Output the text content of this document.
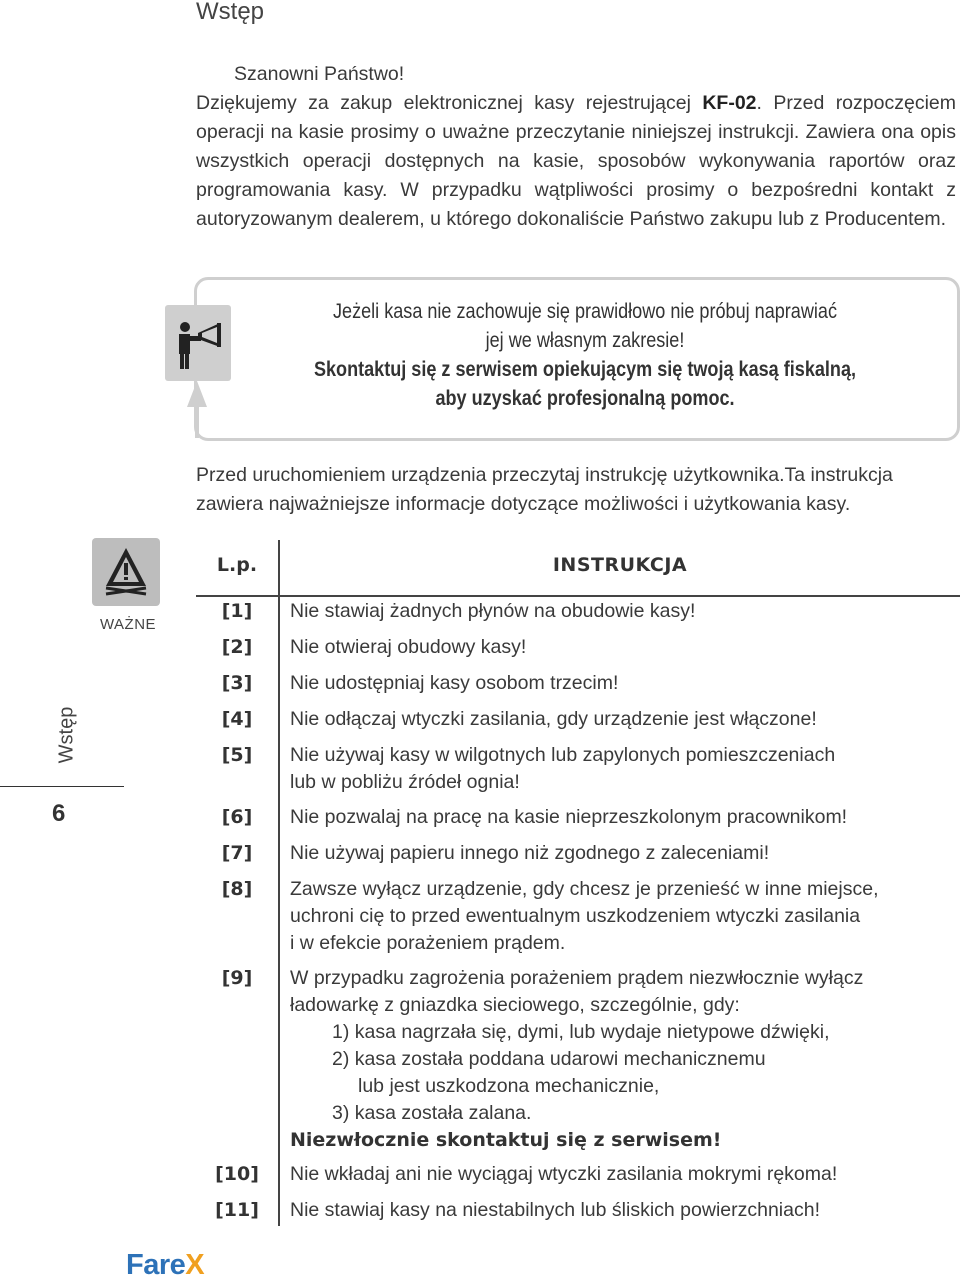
Wstęp

Szanowni Państwo!

Dziękujemy za zakup elektronicznej kasy rejestrującej KF-02. Przed rozpoczęciem operacji na kasie prosimy o uważne przeczytanie niniejszej instrukcji. Zawiera ona opis wszystkich operacji dostępnych na kasie, sposobów wykonywania raportów oraz programowania kasy. W przypadku wątpliwości prosimy o bezpośredni kontakt z autoryzowanym dealerem, u którego dokonaliście Państwo zakupu lub z Producentem.

Jeżeli kasa nie zachowuje się prawidłowo nie próbuj naprawiać
jej we własnym zakresie!
Skontaktuj się z serwisem opiekującym się twoją kasą fiskalną,
aby uzyskać profesjonalną pomoc.
Przed uruchomieniem urządzenia przeczytaj instrukcję użytkownika.Ta instrukcja zawiera najważniejsze informacje dotyczące możliwości i użytkowania kasy.
WAŻNE
Wstęp
6
L.p.	INSTRUKCJA
[1]	Nie stawiaj żadnych płynów na obudowie kasy!

[2]	Nie otwieraj obudowy kasy!

[3]	Nie udostępniaj kasy osobom trzecim!

[4]	Nie odłączaj wtyczki zasilania, gdy urządzenie jest włączone!

[5]	Nie używaj kasy w wilgotnych lub zapylonych pomieszczeniach

lub w pobliżu źródeł ognia!

[6]	Nie pozwalaj na pracę na kasie nieprzeszkolonym pracownikom!

[7]	Nie używaj papieru innego niż zgodnego z zaleceniami!

[8]	Zawsze wyłącz urządzenie, gdy chcesz je przenieść w inne miejsce,

uchroni cię to przed ewentualnym uszkodzeniem wtyczki zasilania

i w efekcie porażeniem prądem.

[9]	W przypadku zagrożenia porażeniem prądem niezwłocznie wyłącz

ładowarkę z gniazdka sieciowego, szczególnie, gdy:

1) kasa nagrzała się, dymi, lub wydaje nietypowe dźwięki,

2) kasa została poddana udarowi mechanicznemu

lub jest uszkodzona mechanicznie,

3) kasa została zalana.

Niezwłocznie skontaktuj się z serwisem!

[10]	Nie wkładaj ani nie wyciągaj wtyczki zasilania mokrymi rękoma!

[11]	Nie stawiaj kasy na niestabilnych lub śliskich powierzchniach!

FareX
